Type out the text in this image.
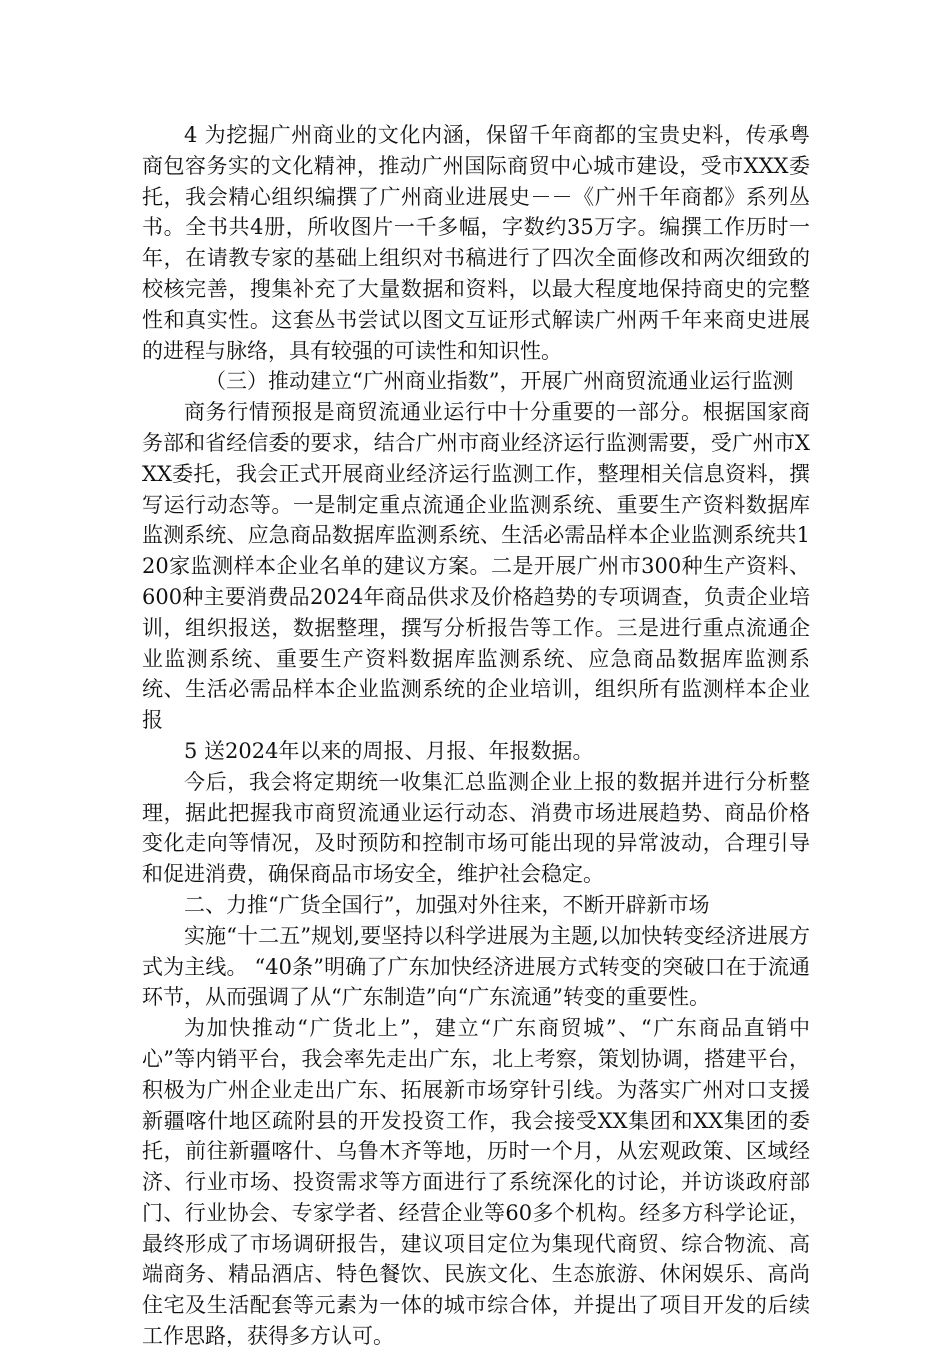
4 为挖掘广州商业的文化内涵，保留千年商都的宝贵史料，传承粤商包容务实的文化精神，推动广州国际商贸中心城市建设，受市XXX委托，我会精心组织编撰了广州商业进展史－－《广州千年商都》系列丛书。全书共4册，所收图片一千多幅，字数约35万字。编撰工作历时一年，在请教专家的基础上组织对书稿进行了四次全面修改和两次细致的校核完善，搜集补充了大量数据和资料，以最大程度地保持商史的完整性和真实性。这套丛书尝试以图文互证形式解读广州两千年来商史进展的进程与脉络，具有较强的可读性和知识性。

（三）推动建立“广州商业指数”，开展广州商贸流通业运行监测

商务行情预报是商贸流通业运行中十分重要的一部分。根据国家商务部和省经信委的要求，结合广州市商业经济运行监测需要，受广州市XXX委托，我会正式开展商业经济运行监测工作，整理相关信息资料，撰写运行动态等。一是制定重点流通企业监测系统、重要生产资料数据库监测系统、应急商品数据库监测系统、生活必需品样本企业监测系统共120家监测样本企业名单的建议方案。二是开展广州市300种生产资料、600种主要消费品2024年商品供求及价格趋势的专项调查，负责企业培训，组织报送，数据整理，撰写分析报告等工作。三是进行重点流通企业监测系统、重要生产资料数据库监测系统、应急商品数据库监测系统、生活必需品样本企业监测系统的企业培训，组织所有监测样本企业报

5 送2024年以来的周报、月报、年报数据。

今后，我会将定期统一收集汇总监测企业上报的数据并进行分析整理，据此把握我市商贸流通业运行动态、消费市场进展趋势、商品价格变化走向等情况，及时预防和控制市场可能出现的异常波动，合理引导和促进消费，确保商品市场安全，维护社会稳定。

二、力推“广货全国行”，加强对外往来，不断开辟新市场

实施“十二五”规划,要坚持以科学进展为主题,以加快转变经济进展方式为主线。 “40条”明确了广东加快经济进展方式转变的突破口在于流通环节，从而强调了从“广东制造”向“广东流通”转变的重要性。

为加快推动“广货北上”，建立“广东商贸城”、“广东商品直销中心”等内销平台，我会率先走出广东，北上考察，策划协调，搭建平台，积极为广州企业走出广东、拓展新市场穿针引线。为落实广州对口支援新疆喀什地区疏附县的开发投资工作，我会接受XX集团和XX集团的委托，前往新疆喀什、乌鲁木齐等地，历时一个月，从宏观政策、区域经济、行业市场、投资需求等方面进行了系统深化的讨论，并访谈政府部门、行业协会、专家学者、经营企业等60多个机构。经多方科学论证，最终形成了市场调研报告，建议项目定位为集现代商贸、综合物流、高端商务、精品酒店、特色餐饮、民族文化、生态旅游、休闲娱乐、高尚住宅及生活配套等元素为一体的城市综合体，并提出了项目开发的后续工作思路，获得多方认可。
